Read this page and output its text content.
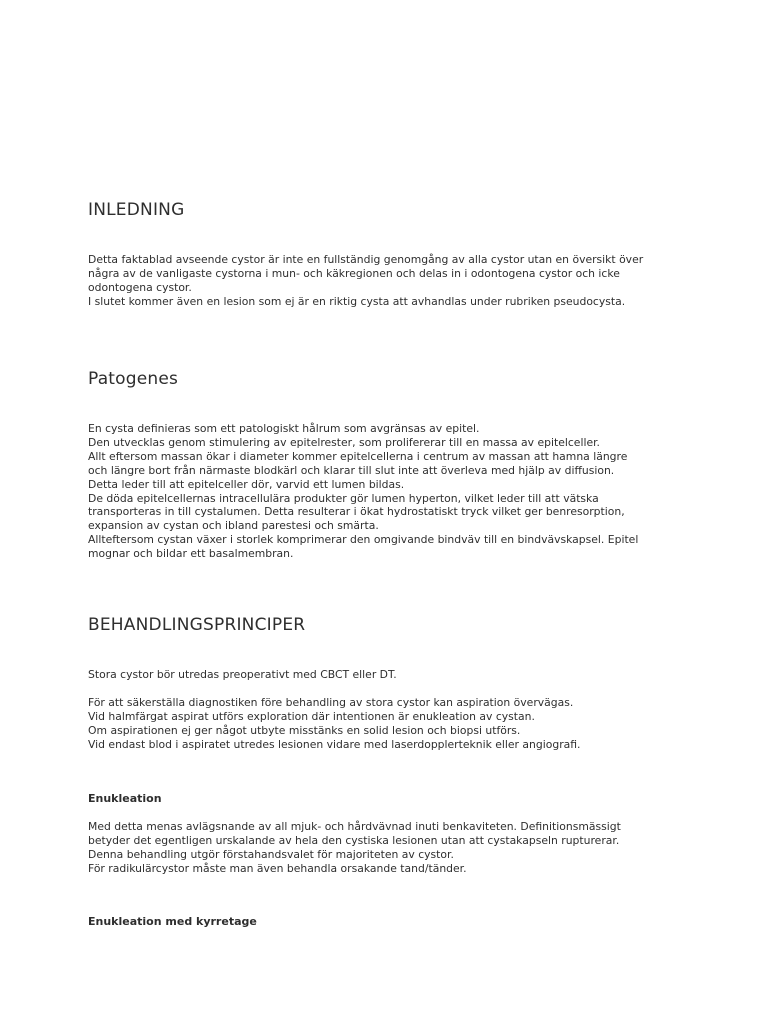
INLEDNING
Detta faktablad avseende cystor är inte en fullständig genomgång av alla cystor utan en översikt över
några av de vanligaste cystorna i mun- och käkregionen och delas in i odontogena cystor och icke
odontogena cystor.
I slutet kommer även en lesion som ej är en riktig cysta att avhandlas under rubriken pseudocysta.
Patogenes
En cysta definieras som ett patologiskt hålrum som avgränsas av epitel.
Den utvecklas genom stimulering av epitelrester, som prolifererar till en massa av epitelceller.
Allt eftersom massan ökar i diameter kommer epitelcellerna i centrum av massan att hamna längre
och längre bort från närmaste blodkärl och klarar till slut inte att överleva med hjälp av diffusion.
Detta leder till att epitelceller dör, varvid ett lumen bildas.
De döda epitelcellernas intracellulära produkter gör lumen hyperton, vilket leder till att vätska
transporteras in till cystalumen. Detta resulterar i ökat hydrostatiskt tryck vilket ger benresorption,
expansion av cystan och ibland parestesi och smärta.
Allteftersom cystan växer i storlek komprimerar den omgivande bindväv till en bindvävskapsel. Epitel
mognar och bildar ett basalmembran.
BEHANDLINGSPRINCIPER
Stora cystor bör utredas preoperativt med CBCT eller DT.
För att säkerställa diagnostiken före behandling av stora cystor kan aspiration övervägas.
Vid halmfärgat aspirat utförs exploration där intentionen är enukleation av cystan.
Om aspirationen ej ger något utbyte misstänks en solid lesion och biopsi utförs.
Vid endast blod i aspiratet utredes lesionen vidare med laserdopplerteknik eller angiografi.
Enukleation
Med detta menas avlägsnande av all mjuk- och hårdvävnad inuti benkaviteten. Definitionsmässigt
betyder det egentligen urskalande av hela den cystiska lesionen utan att cystakapseln rupturerar.
Denna behandling utgör förstahandsvalet för majoriteten av cystor.
För radikulärcystor måste man även behandla orsakande tand/tänder.
Enukleation med kyrretage
